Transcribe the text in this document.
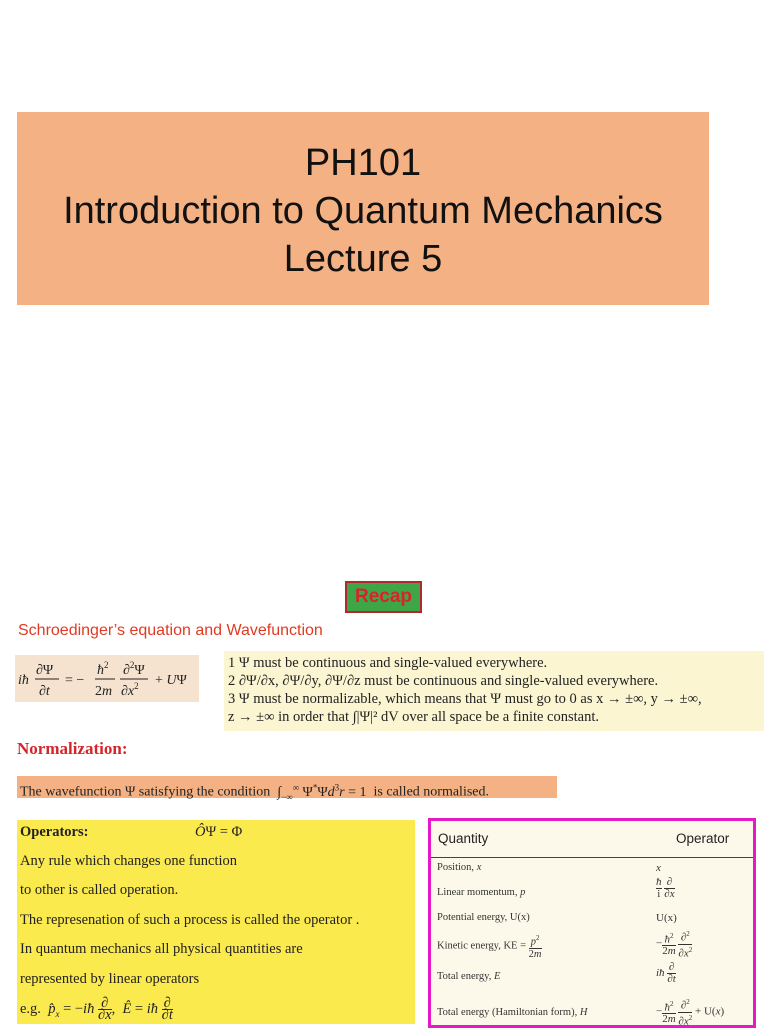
PH101
Introduction to Quantum Mechanics
Lecture 5
Recap
Schroedinger’s equation and Wavefunction
iħ
∂Ψ
∂t
= −
$ħ^2$
2m
∂$^2$Ψ
$\partial x^2 + U\Psi$

1 Ψ must be continuous and single-valued everywhere.

2 ∂Ψ/∂x, ∂Ψ/∂y, ∂Ψ/∂z must be continuous and single-valued everywhere.

3 Ψ must be normalizable, which means that Ψ must go to 0 as x → ±∞, y → ±∞,

z → ±∞ in order that ∫|Ψ|² dV over all space be a finite constant.

Normalization:
The wavefunction Ψ satisfying the condition  $\int_{-\infty}^\infty$ $\Psi^*\Psi d^3r = 1$  is called normalised.

Operators:	ÔΨ = Φ

Any rule which changes one function

to other is called operation.

The represenation of such a process is called the operator .

In quantum mechanics all physical quantities are

represented by linear operators

e.g. $p̂_x$ = −iħ $\frac{\partial}{\partial x}$ ,  Ê = iħ $\frac{\partial}{\partial t}$

Quantity	Operator
Position, x	x
Linear momentum, p	$\frac{ħ}{i}$
$\frac{\partial}{\partial x}$
Potential energy, U(x)	U(x)
Kinetic energy, KE = $\frac{p^2}{2m}$	− $\frac{ħ^2}{2m}$
$\frac{\partial^2}{\partial x^2}$
Total energy, E	iħ $\frac{\partial}{\partial t}$
Total energy (Hamiltonian form), H	− $\frac{ħ^2}{2m}$
$\frac{\partial^2}{\partial x^2} + U(x)$
